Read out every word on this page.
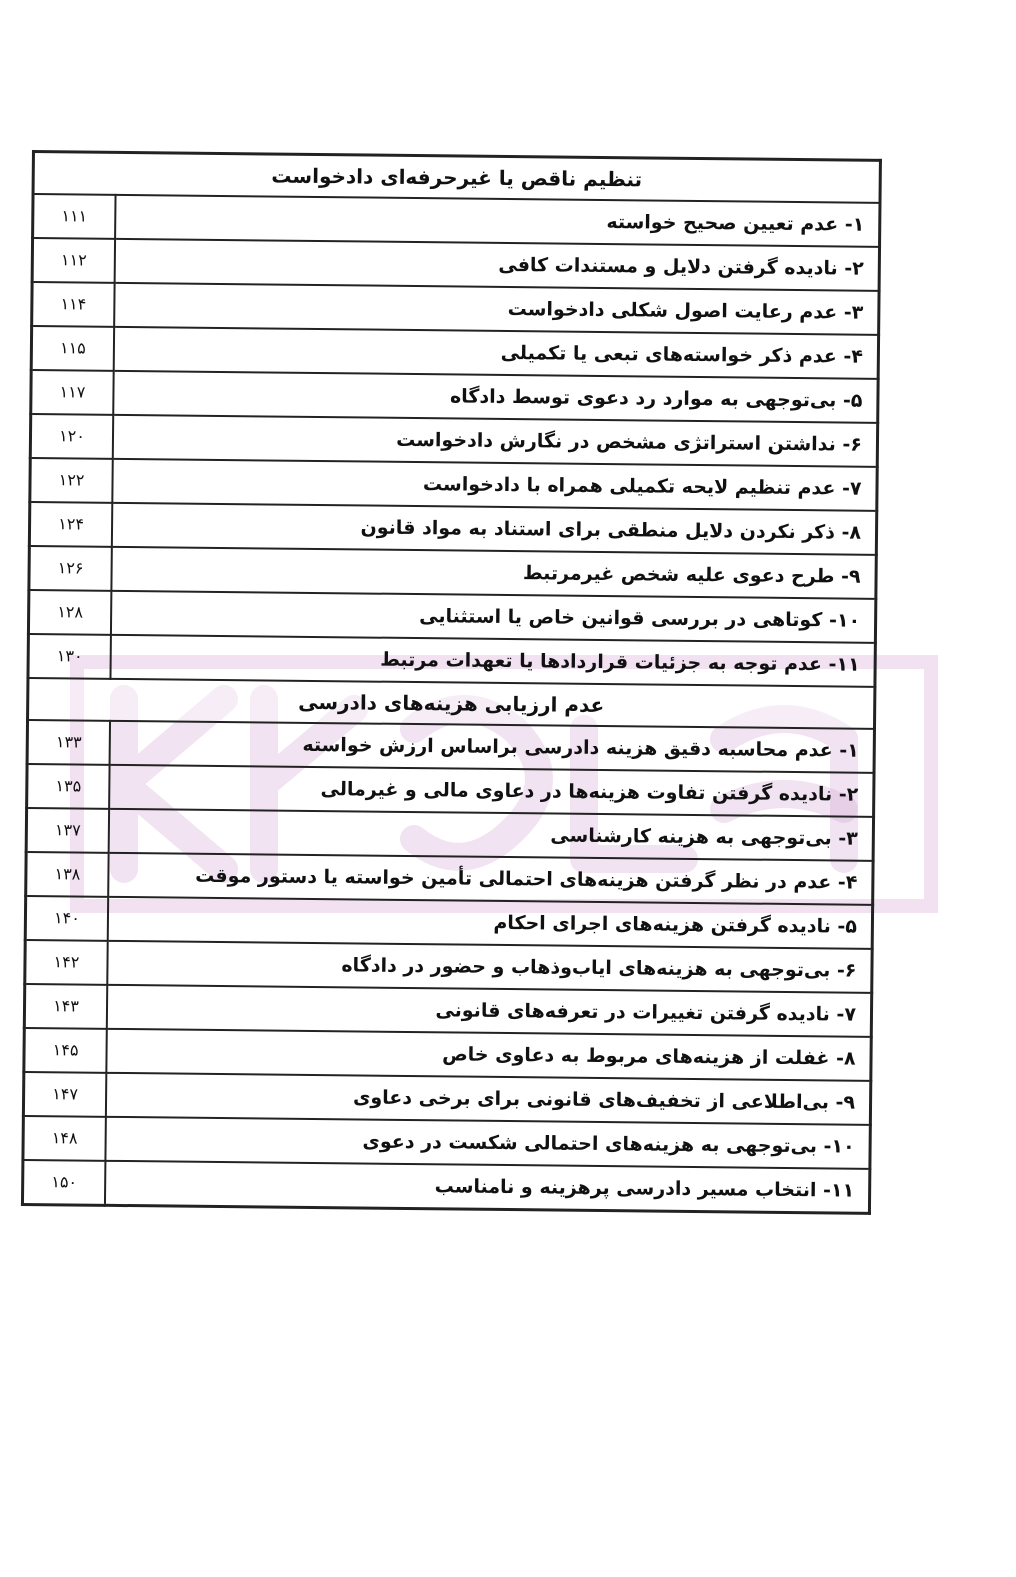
تنظیم ناقص یا غیرحرفه‌ای دادخواست	
۱۱۱	۱- عدم تعیین صحیح خواسته
۱۱۲	۲- نادیده گرفتن دلایل و مستندات کافی
۱۱۴	۳- عدم رعایت اصول شکلی دادخواست
۱۱۵	۴- عدم ذکر خواسته‌های تبعی یا تکمیلی
۱۱۷	۵- بی‌توجهی به موارد رد دعوی توسط دادگاه
۱۲۰	۶- نداشتن استراتژی مشخص در نگارش دادخواست
۱۲۲	۷- عدم تنظیم لایحه تکمیلی همراه با دادخواست
۱۲۴	۸- ذکر نکردن دلایل منطقی برای استناد به مواد قانون
۱۲۶	۹- طرح دعوی علیه شخص غیرمرتبط
۱۲۸	۱۰- کوتاهی در بررسی قوانین خاص یا استثنایی
۱۳۰	۱۱- عدم توجه به جزئیات قراردادها یا تعهدات مرتبط
عدم ارزیابی هزینه‌های دادرسی	
۱۳۳	۱- عدم محاسبه دقیق هزینه دادرسی براساس ارزش خواسته
۱۳۵	۲- نادیده گرفتن تفاوت هزینه‌ها در دعاوی مالی و غیرمالی
۱۳۷	۳- بی‌توجهی به هزینه کارشناسی
۱۳۸	۴- عدم در نظر گرفتن هزینه‌های احتمالی تأمین خواسته یا دستور موقت
۱۴۰	۵- نادیده گرفتن هزینه‌های اجرای احکام
۱۴۲	۶- بی‌توجهی به هزینه‌های ایاب‌وذهاب و حضور در دادگاه
۱۴۳	۷- نادیده گرفتن تغییرات در تعرفه‌های قانونی
۱۴۵	۸- غفلت از هزینه‌های مربوط به دعاوی خاص
۱۴۷	۹- بی‌اطلاعی از تخفیف‌های قانونی برای برخی دعاوی
۱۴۸	۱۰- بی‌توجهی به هزینه‌های احتمالی شکست در دعوی
۱۵۰	۱۱- انتخاب مسیر دادرسی پرهزینه و نامناسب
